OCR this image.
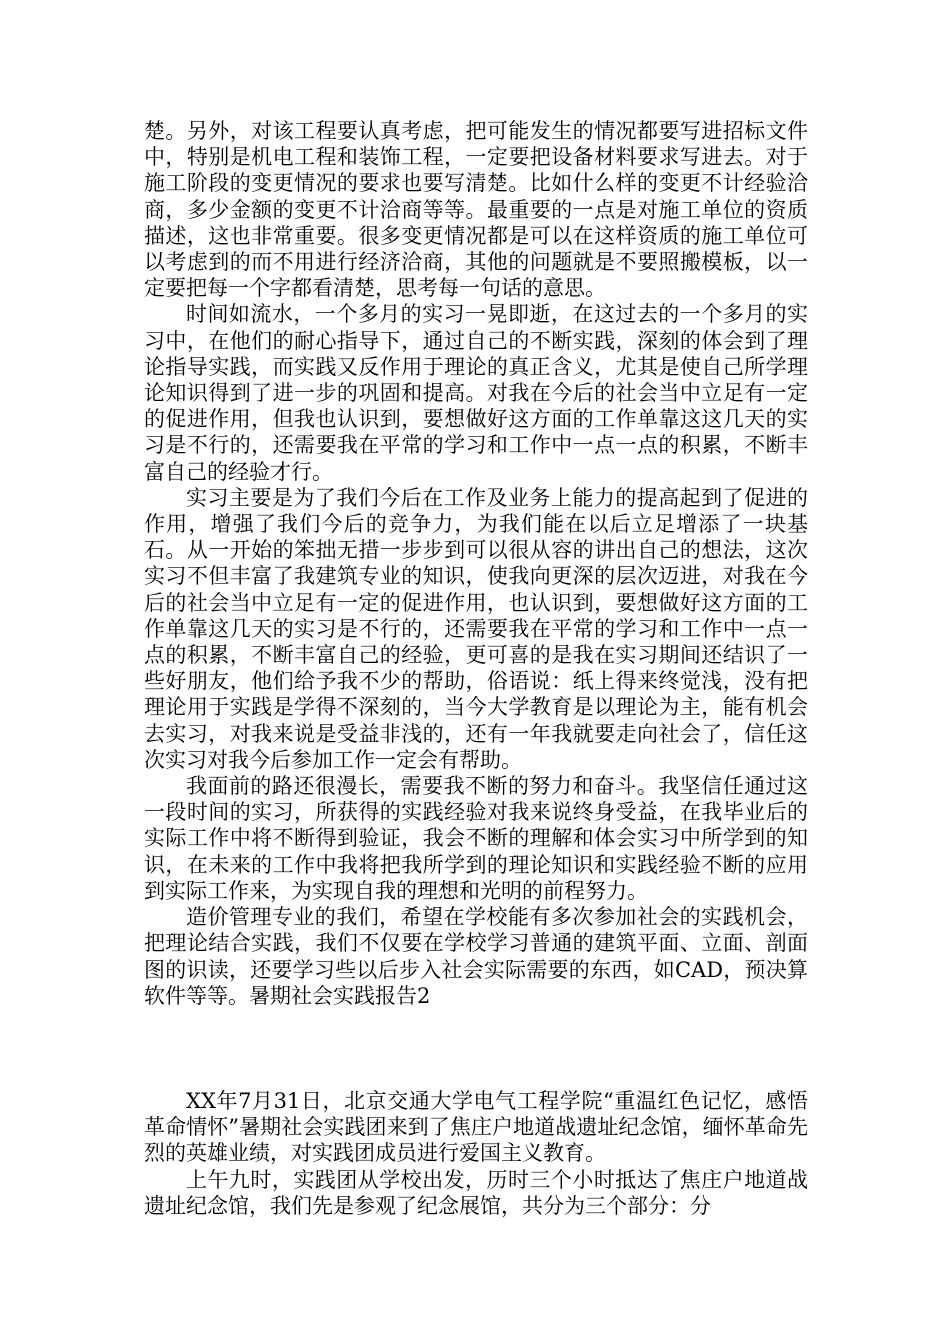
楚。另外，对该工程要认真考虑，把可能发生的情况都要写进招标文件中，特别是机电工程和装饰工程，一定要把设备材料要求写进去。对于施工阶段的变更情况的要求也要写清楚。比如什么样的变更不计经验洽商，多少金额的变更不计洽商等等。最重要的一点是对施工单位的资质描述，这也非常重要。很多变更情况都是可以在这样资质的施工单位可以考虑到的而不用进行经济洽商，其他的问题就是不要照搬模板，以一定要把每一个字都看清楚，思考每一句话的意思。

时间如流水，一个多月的实习一晃即逝，在这过去的一个多月的实习中，在他们的耐心指导下，通过自己的不断实践，深刻的体会到了理论指导实践，而实践又反作用于理论的真正含义，尤其是使自己所学理论知识得到了进一步的巩固和提高。对我在今后的社会当中立足有一定的促进作用，但我也认识到，要想做好这方面的工作单靠这这几天的实习是不行的，还需要我在平常的学习和工作中一点一点的积累，不断丰富自己的经验才行。

实习主要是为了我们今后在工作及业务上能力的提高起到了促进的作用，增强了我们今后的竞争力，为我们能在以后立足增添了一块基石。从一开始的笨拙无措一步步到可以很从容的讲出自己的想法，这次实习不但丰富了我建筑专业的知识，使我向更深的层次迈进，对我在今后的社会当中立足有一定的促进作用，也认识到，要想做好这方面的工作单靠这几天的实习是不行的，还需要我在平常的学习和工作中一点一点的积累，不断丰富自己的经验，更可喜的是我在实习期间还结识了一些好朋友，他们给予我不少的帮助，俗语说：纸上得来终觉浅，没有把理论用于实践是学得不深刻的，当今大学教育是以理论为主，能有机会去实习，对我来说是受益非浅的，还有一年我就要走向社会了，信任这次实习对我今后参加工作一定会有帮助。

我面前的路还很漫长，需要我不断的努力和奋斗。我坚信任通过这一段时间的实习，所获得的实践经验对我来说终身受益，在我毕业后的实际工作中将不断得到验证，我会不断的理解和体会实习中所学到的知识，在未来的工作中我将把我所学到的理论知识和实践经验不断的应用到实际工作来，为实现自我的理想和光明的前程努力。

造价管理专业的我们，希望在学校能有多次参加社会的实践机会，把理论结合实践，我们不仅要在学校学习普通的建筑平面、立面、剖面图的识读，还要学习些以后步入社会实际需要的东西，如CAD，预决算软件等等。暑期社会实践报告2

XX年7月31日，北京交通大学电气工程学院“重温红色记忆，感悟革命情怀”暑期社会实践团来到了焦庄户地道战遗址纪念馆，缅怀革命先烈的英雄业绩，对实践团成员进行爱国主义教育。

上午九时，实践团从学校出发，历时三个小时抵达了焦庄户地道战遗址纪念馆，我们先是参观了纪念展馆，共分为三个部分：分
